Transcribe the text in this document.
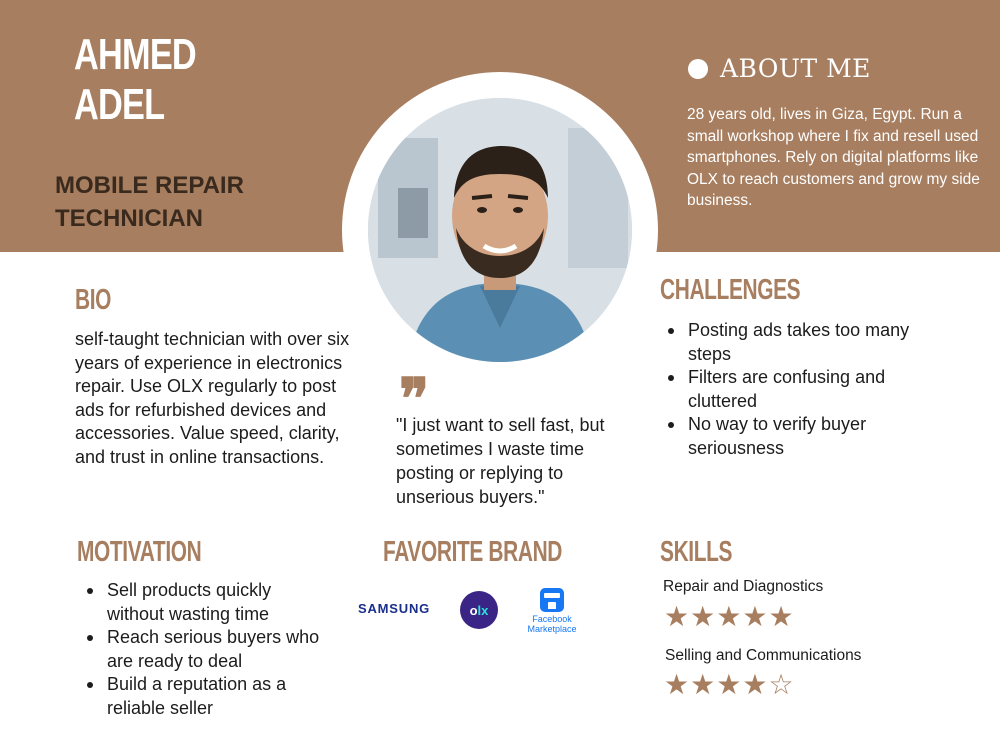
AHMED
ADEL
MOBILE REPAIR
TECHNICIAN
ABOUT ME
28 years old, lives in Giza, Egypt. Run a small workshop where I fix and resell used smartphones. Rely on digital platforms like OLX to reach customers and grow my side business.
BIO
self-taught technician with over six years of experience in electronics repair. Use OLX regularly to post ads for refurbished devices and accessories. Value speed, clarity, and trust in online transactions.
CHALLENGES
Posting ads takes too many steps
Filters are confusing and cluttered
No way to verify buyer seriousness
❞
"I just want to sell fast, but sometimes I waste time posting or replying to unserious buyers."
MOTIVATION
Sell products quickly without wasting time
Reach serious buyers who are ready to deal
Build a reputation as a reliable seller
FAVORITE BRAND
SAMSUNG	o lx
Facebook
Marketplace
SKILLS
Repair and Diagnostics
★ ★ ★ ★ ★
Selling and Communications
★ ★ ★ ★ ☆
